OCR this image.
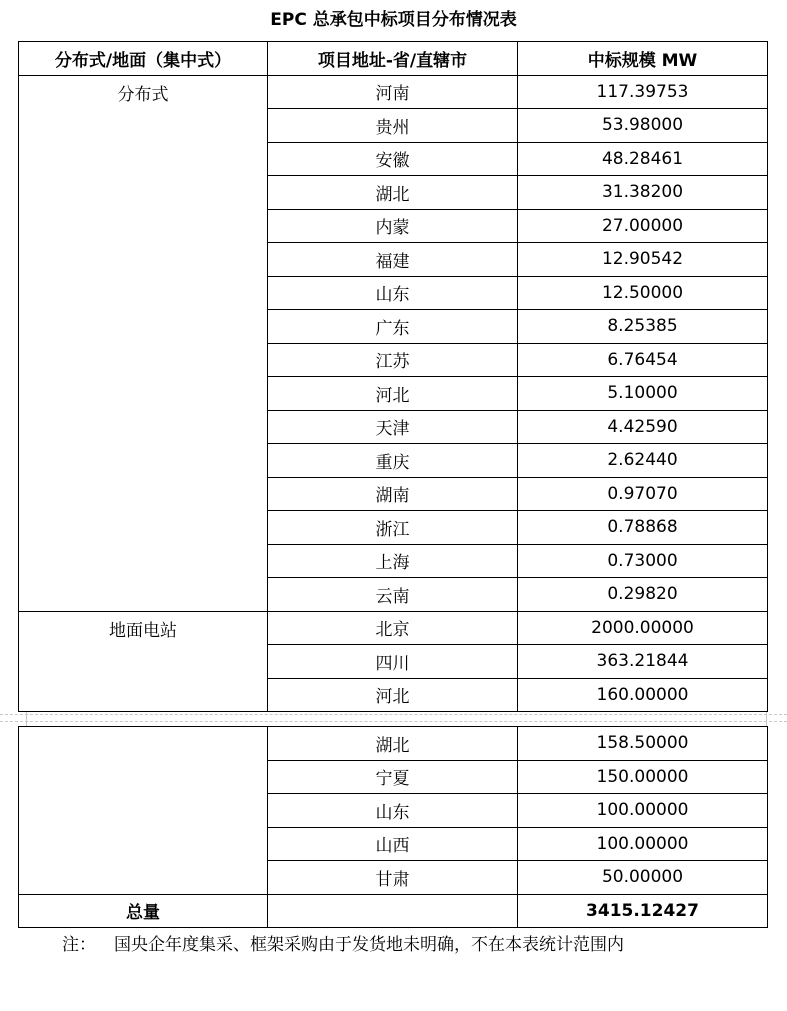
EPC 总承包中标项目分布情况表
分布式/地面（集中式）	项目地址-省/直辖市	中标规模 MW
分布式	河南	117.39753
	贵州	53.98000
	安徽	48.28461
	湖北	31.38200
	内蒙	27.00000
	福建	12.90542
	山东	12.50000
	广东	8.25385
	江苏	6.76454
	河北	5.10000
	天津	4.42590
	重庆	2.62440
	湖南	0.97070
	浙江	0.78868
	上海	0.73000
	云南	0.29820
地面电站	北京	2000.00000
	四川	363.21844
	河北	160.00000
	湖北	158.50000
	宁夏	150.00000
	山东	100.00000
	山西	100.00000
	甘肃	50.00000
总量		3415.12427
注： 国央企年度集采、框架采购由于发货地未明确，不在本表统计范围内
